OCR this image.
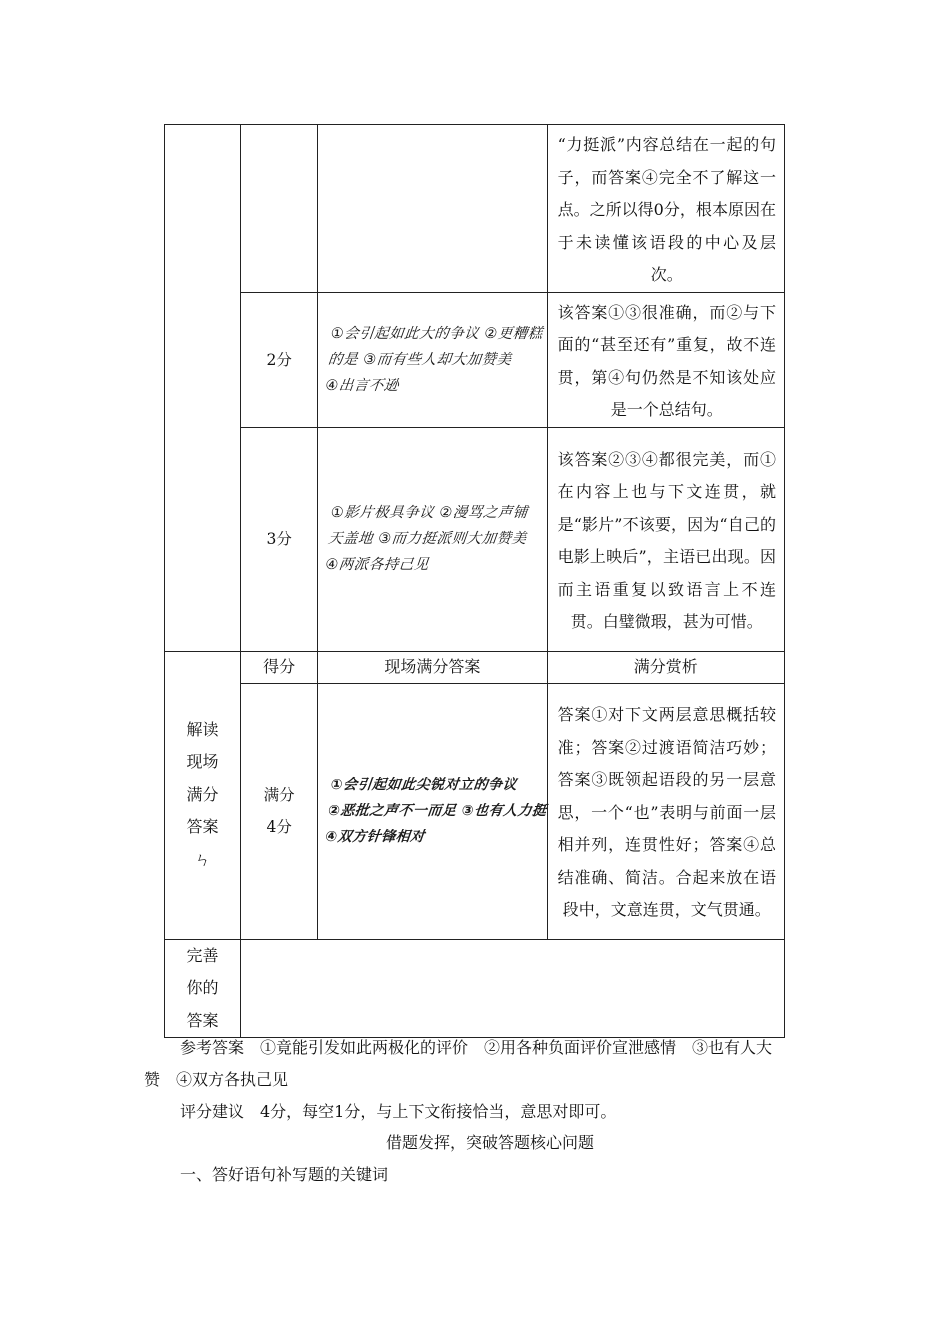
			“力挺派”内容总结在一起的句子，而答案④完全不了解这一点。之所以得0分，根本原因在于未读懂该语段的中心及层次。

	2分	①会引起如此大的争议 ②更糟糕
的是 ③而有些人却大加赞美
④出言不逊	该答案①③很准确，而②与下面的“甚至还有”重复，故不连贯，第④句仍然是不知该处应是一个总结句。

	3分	①影片极具争议 ②漫骂之声铺
天盖地 ③而力挺派则大加赞美
④两派各持己见	该答案②③④都很完美，而①在内容上也与下文连贯，就是“影片”不该要，因为“自己的电影上映后”，主语已出现。因而主语重复以致语言上不连贯。白璧微瑕，甚为可惜。

解读现场满分答案ㄣ	得分	现场满分答案	满分赏析

	满分4分	①会引起如此尖锐对立的争议
②恶批之声不一而足 ③也有人力挺
④双方针锋相对	答案①对下文两层意思概括较准；答案②过渡语简洁巧妙；答案③既领起语段的另一层意思，一个“也”表明与前面一层相并列，连贯性好；答案④总结准确、简洁。合起来放在语段中，文意连贯，文气贯通。

完善你的答案			

参考答案　①竟能引发如此两极化的评价　②用各种负面评价宣泄感情　③也有人大
赞　④双方各执己见
评分建议　4分，每空1分，与上下文衔接恰当，意思对即可。
借题发挥，突破答题核心问题
一、答好语句补写题的关键词
